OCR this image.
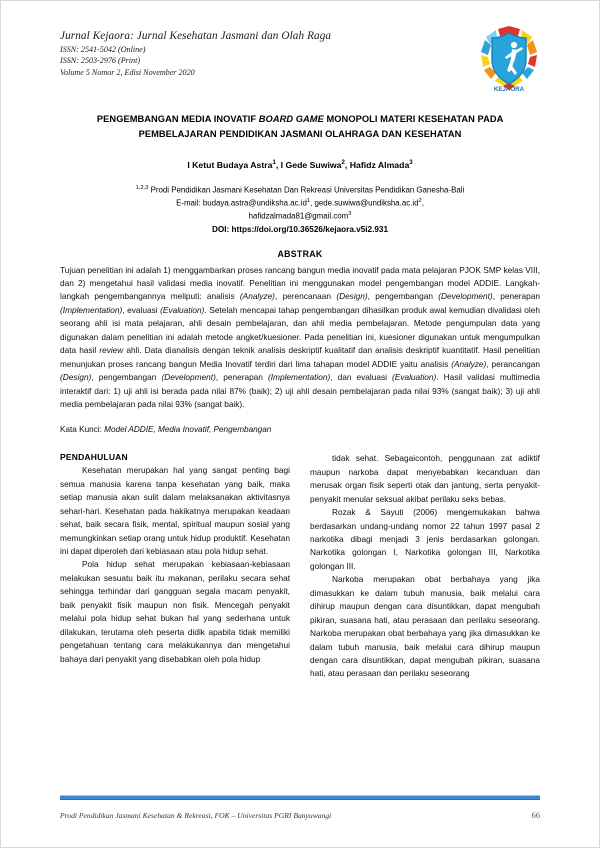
Jurnal Kejaora: Jurnal Kesehatan Jasmani dan Olah Raga
ISSN: 2541-5042 (Online)
ISSN: 2503-2976 (Print)
Volume 5 Nomor 2, Edisi November 2020
KEJAORA
PENGEMBANGAN MEDIA INOVATIF BOARD GAME MONOPOLI MATERI KESEHATAN PADA PEMBELAJARAN PENDIDIKAN JASMANI OLAHRAGA DAN KESEHATAN
I Ketut Budaya Astra$^1$, I Gede Suwiwa$^2$, Hafidz Almada$^3$
$^{1,2,3}$ Prodi Pendidikan Jasmani Kesehatan Dan Rekreasi Universitas Pendidikan Ganesha-Bali
E-mail: $budaya.astra@undiksha.ac.id^1$, $gede.suwiwa@undiksha.ac.id^2$,
hafidzalmada81@gmail.com$^3$
DOI: https://doi.org/10.36526/kejaora.v5i2.931
ABSTRAK
Tujuan penelitian ini adalah 1) menggambarkan proses rancang bangun media inovatif pada mata pelajaran PJOK SMP kelas VIII, dan 2) mengetahui hasil validasi media inovatif. Penelitian ini menggunakan model pengembangan model ADDIE. Langkah-langkah pengembangannya meliputi: analisis (Analyze), perencanaan (Design), pengembangan (Development), penerapan (Implementation), evaluasi (Evaluation). Setelah mencapai tahap pengembangan dihasilkan produk awal kemudian divalidasi oleh seorang ahli isi mata pelajaran, ahli desain pembelajaran, dan ahli media pembelajaran. Metode pengumpulan data yang digunakan dalam penelitian ini adalah metode angket/kuesioner. Pada penelitian ini, kuesioner digunakan untuk mengumpulkan data hasil review ahli. Data dianalisis dengan teknik analisis deskriptif kualitatif dan analisis deskriptif kuantitatif. Hasil penelitian menunjukan proses rancang bangun Media Inovatif terdiri dari lima tahapan model ADDIE yaitu analisis (Analyze), perancangan (Design), pengembangan (Development), penerapan (Implementation), dan evaluasi (Evaluation). Hasil validasi multimedia interaktif dari: 1) uji ahli isi berada pada nilai 87% (baik); 2) uji ahli desain pembelajaran pada nilai 93% (sangat baik); 3) uji ahli media pembelajaran pada nilai 93% (sangat baik).
Kata Kunci: Model ADDIE, Media Inovatif, Pengembangan
PENDAHULUAN

Kesehatan merupakan hal yang sangat penting bagi semua manusia karena tanpa kesehatan yang baik, maka setiap manusia akan sulit dalam melaksanakan aktivitasnya sehari-hari. Kesehatan pada hakikatnya merupakan keadaan sehat, baik secara fisik, mental, spiritual maupun sosial yang memungkinkan setiap orang untuk hidup produktif. Kesehatan ini dapat diperoleh dari kebiasaan atau pola hidup sehat.

Pola hidup sehat merupakan kebiasaan-kebiasaan melakukan sesuatu baik itu makanan, perilaku secara sehat sehingga terhindar dari gangguan segala macam penyakit, baik penyakit fisik maupun non fisik. Mencegah penyakit melalui pola hidup sehat bukan hal yang sederhana untuk dilakukan, terutama oleh peserta didik apabila tidak memiliki pengetahuan tentang cara melakukannya dan mengetahui bahaya dari penyakit yang disebabkan oleh pola hidup

tidak sehat. Sebagaicontoh, penggunaan zat adiktif maupun narkoba dapat menyebabkan kecanduan dan merusak organ fisik seperti otak dan jantung, serta penyakit-penyakit menular seksual akibat perilaku seks bebas.

Rozak & Sayuti (2006) mengemukakan bahwa berdasarkan undang-undang nomor 22 tahun 1997 pasal 2 narkotika dibagi menjadi 3 jenis berdasarkan golongan. Narkotika golongan I, Narkotika golongan III, Narkotika golongan III.

Narkoba merupakan obat berbahaya yang jika dimasukkan ke dalam tubuh manusia, baik melalui cara dihirup maupun dengan cara disuntikkan, dapat mengubah pikiran, suasana hati, atau perasaan dan perilaku seseorang. Narkoba merupakan obat berbahaya yang jika dimasukkan ke dalam tubuh manusia, baik melalui cara dihirup maupun dengan cara disuntikkan, dapat mengubah pikiran, suasana hati, atau perasaan dan perilaku seseorang

Prodi Pendidikan Jasmani Kesehatan & Rekreasi, FOK – Universitas PGRI Banyuwangi	66
